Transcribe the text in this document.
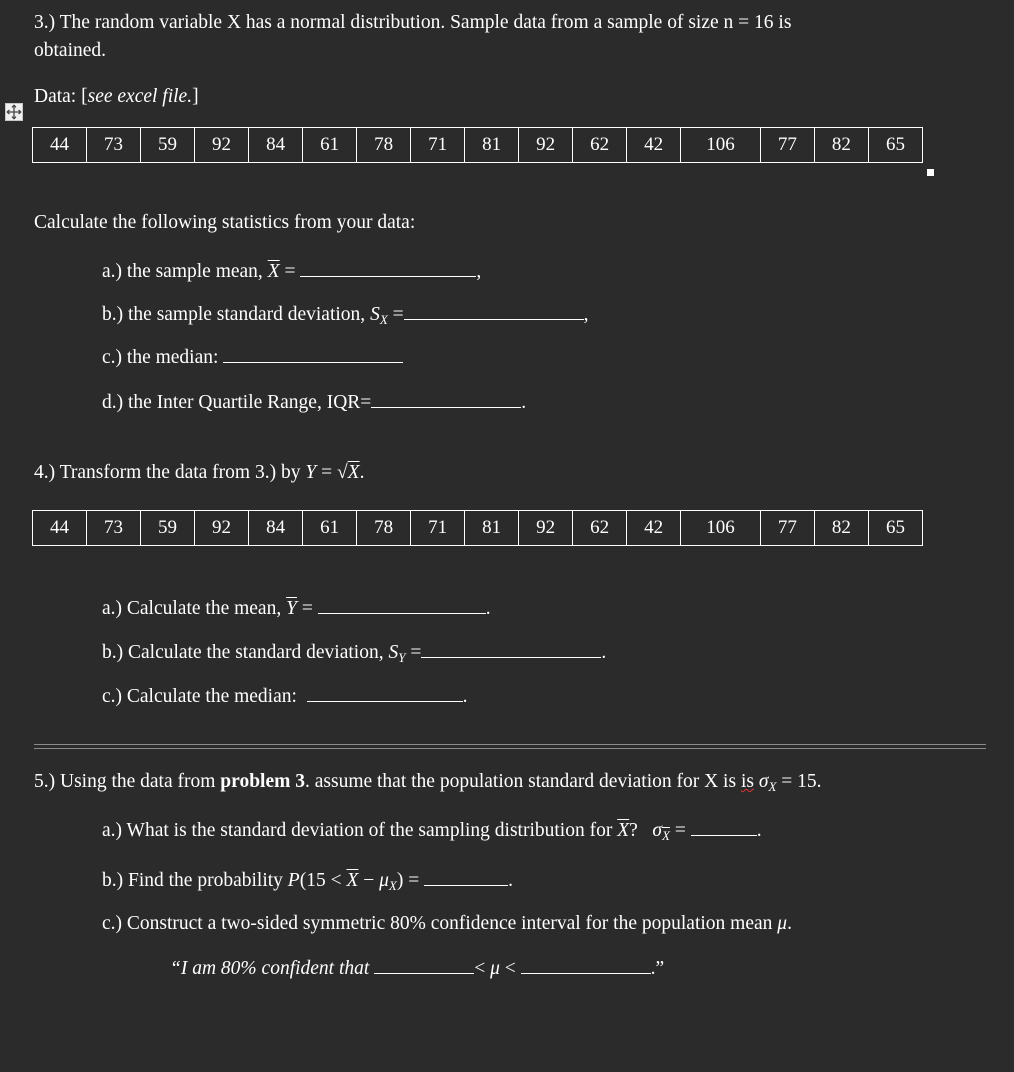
3.) The random variable X has a normal distribution. Sample data from a sample of size n = 16 is
obtained.
Data: [see excel file.]
44	73	59	92	84	61	78	71	81	92	62	42	106	77	82	65
Calculate the following statistics from your data:
a.) the sample mean, $\overline{X}$ =	,
b.) the sample standard deviation, $S_X$ =	,
c.) the median:
d.) the Inter Quartile Range, IQR=	.
4.) Transform the data from 3.) by Y = √X.
44	73	59	92	84	61	78	71	81	92	62	42	106	77	82	65
a.) Calculate the mean, $\overline{Y}$ =	.
b.) Calculate the standard deviation, $S_Y$ =	.
c.) Calculate the median:	.
5.) Using the data from problem 3. assume that the population standard deviation for X is is $\sigma_X = 15$.
a.) What is the standard deviation of the sampling distribution for $\overline{X}$?   $\sigma_{\overline{X}}$ =	.
b.) Find the probability $P(15 < \overline{X} - \mu_X)$ =	.
c.) Construct a two-sided symmetric 80% confidence interval for the population mean μ.
“I am 80% confident that	< μ <	.”
